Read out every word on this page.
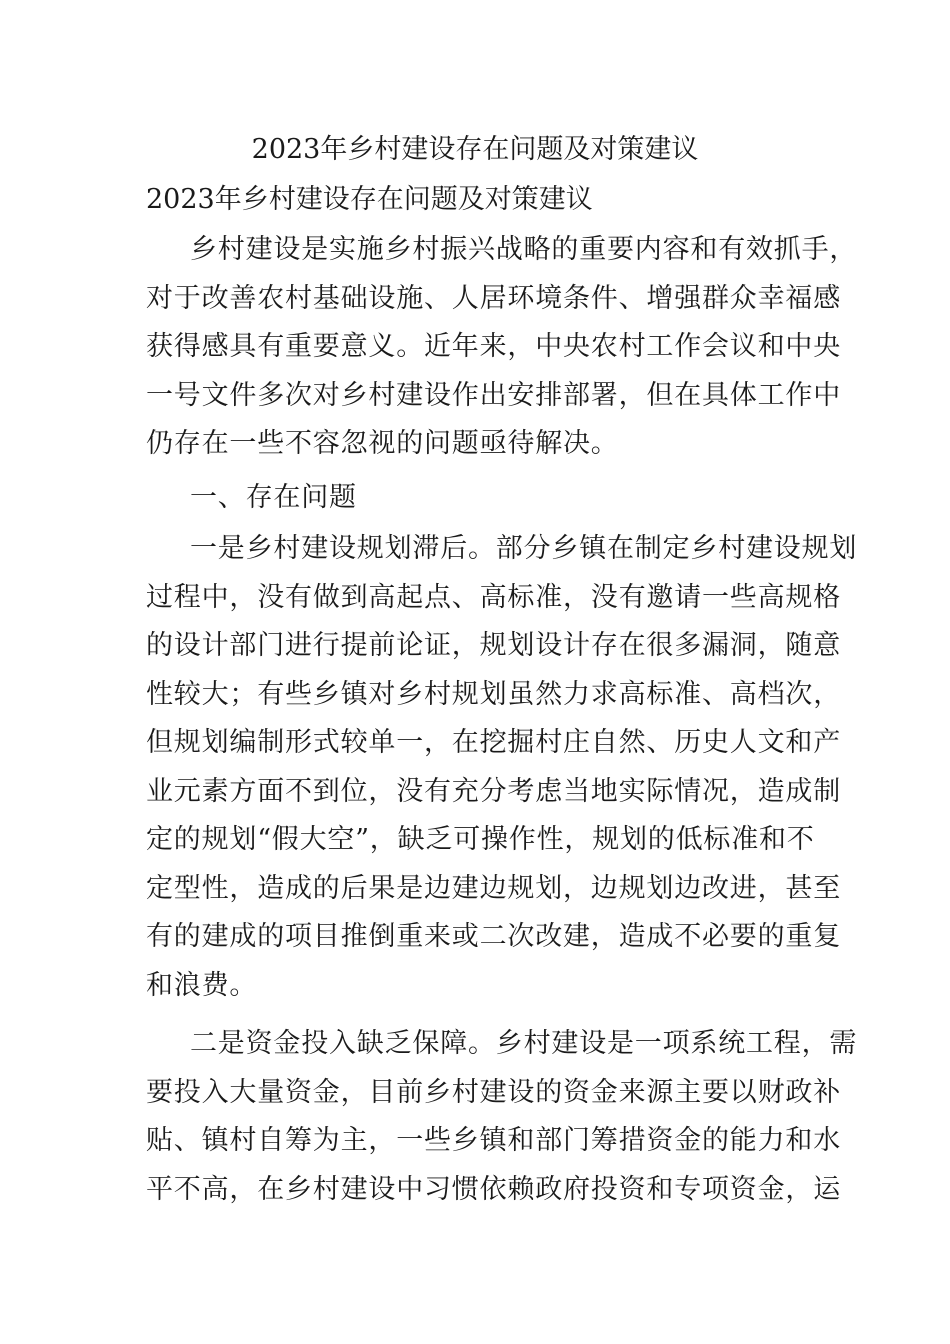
2023年乡村建设存在问题及对策建议
2023年乡村建设存在问题及对策建议
乡村建设是实施乡村振兴战略的重要内容和有效抓手，
对于改善农村基础设施、人居环境条件、增强群众幸福感
获得感具有重要意义。近年来，中央农村工作会议和中央
一号文件多次对乡村建设作出安排部署，但在具体工作中
仍存在一些不容忽视的问题亟待解决。
一、存在问题
一是乡村建设规划滞后。部分乡镇在制定乡村建设规划
过程中，没有做到高起点、高标准，没有邀请一些高规格
的设计部门进行提前论证，规划设计存在很多漏洞，随意
性较大；有些乡镇对乡村规划虽然力求高标准、高档次，
但规划编制形式较单一，在挖掘村庄自然、历史人文和产
业元素方面不到位，没有充分考虑当地实际情况，造成制
定的规划“假大空”，缺乏可操作性，规划的低标准和不
定型性，造成的后果是边建边规划，边规划边改进，甚至
有的建成的项目推倒重来或二次改建，造成不必要的重复
和浪费。
二是资金投入缺乏保障。乡村建设是一项系统工程，需
要投入大量资金，目前乡村建设的资金来源主要以财政补
贴、镇村自筹为主，一些乡镇和部门筹措资金的能力和水
平不高，在乡村建设中习惯依赖政府投资和专项资金，运
